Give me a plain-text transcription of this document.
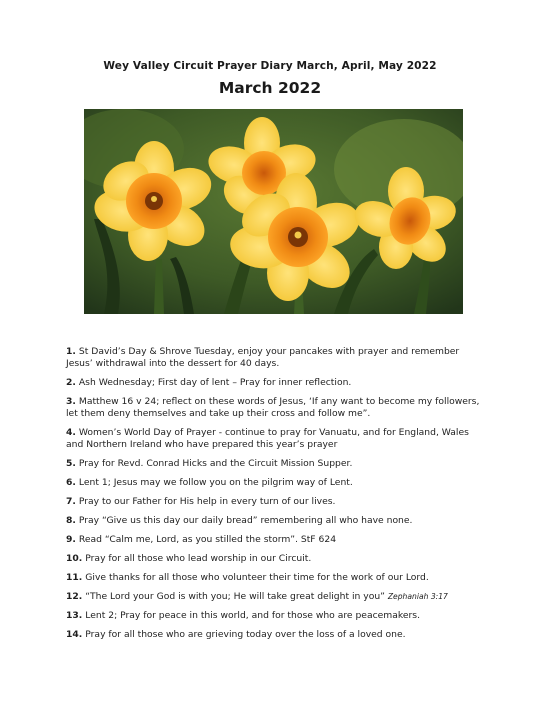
Wey Valley Circuit Prayer Diary March, April, May 2022
March 2022
1. St David’s Day & Shrove Tuesday, enjoy your pancakes with prayer and remember Jesus’ withdrawal into the dessert for 40 days.
2. Ash Wednesday; First day of lent – Pray for inner reflection.
3. Matthew 16 v 24; reflect on these words of Jesus, ‘If any want to become my followers, let them deny themselves and take up their cross and follow me”.
4. Women’s World Day of Prayer - continue to pray for Vanuatu, and for England, Wales and Northern Ireland who have prepared this year’s prayer
5. Pray for Revd. Conrad Hicks and the Circuit Mission Supper.
6. Lent 1; Jesus may we follow you on the pilgrim way of Lent.
7. Pray to our Father for His help in every turn of our lives.
8. Pray “Give us this day our daily bread” remembering all who have none.
9. Read “Calm me, Lord, as you stilled the storm”. StF 624
10. Pray for all those who lead worship in our Circuit.
11. Give thanks for all those who volunteer their time for the work of our Lord.
12. “The Lord your God is with you; He will take great delight in you” Zephaniah 3:17
13. Lent 2; Pray for peace in this world, and for those who are peacemakers.
14. Pray for all those who are grieving today over the loss of a loved one.
